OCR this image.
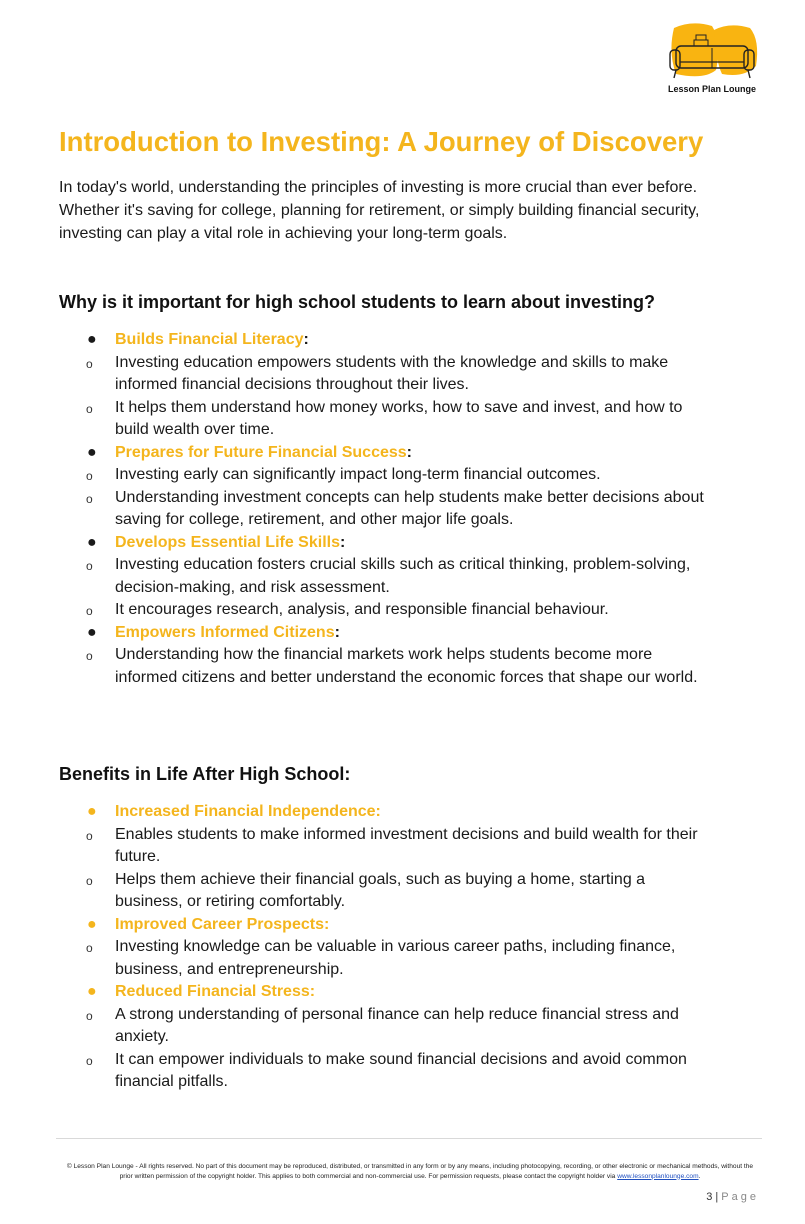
Lesson Plan Lounge
Introduction to Investing: A Journey of Discovery

In today's world, understanding the principles of investing is more crucial than ever before. Whether it's saving for college, planning for retirement, or simply building financial security, investing can play a vital role in achieving your long-term goals.

Why is it important for high school students to learn about investing?
● Builds Financial Literacy:
o Investing education empowers students with the knowledge and skills to make informed financial decisions throughout their lives.
o It helps them understand how money works, how to save and invest, and how to build wealth over time.
● Prepares for Future Financial Success:
o Investing early can significantly impact long-term financial outcomes.
o Understanding investment concepts can help students make better decisions about saving for college, retirement, and other major life goals.
● Develops Essential Life Skills:
o Investing education fosters crucial skills such as critical thinking, problem-solving, decision-making, and risk assessment.
o It encourages research, analysis, and responsible financial behaviour.
● Empowers Informed Citizens:
o Understanding how the financial markets work helps students become more informed citizens and better understand the economic forces that shape our world.
Benefits in Life After High School:
● Increased Financial Independence:
o Enables students to make informed investment decisions and build wealth for their future.
o Helps them achieve their financial goals, such as buying a home, starting a business, or retiring comfortably.
● Improved Career Prospects:
o Investing knowledge can be valuable in various career paths, including finance, business, and entrepreneurship.
● Reduced Financial Stress:
o A strong understanding of personal finance can help reduce financial stress and anxiety.
o It can empower individuals to make sound financial decisions and avoid common financial pitfalls.
© Lesson Plan Lounge - All rights reserved. No part of this document may be reproduced, distributed, or transmitted in any form or by any means, including photocopying, recording, or other electronic or mechanical methods, without the prior written permission of the copyright holder. This applies to both commercial and non-commercial use. For permission requests, please contact the copyright holder via www.lessonplanlounge.com.
3 | Page
